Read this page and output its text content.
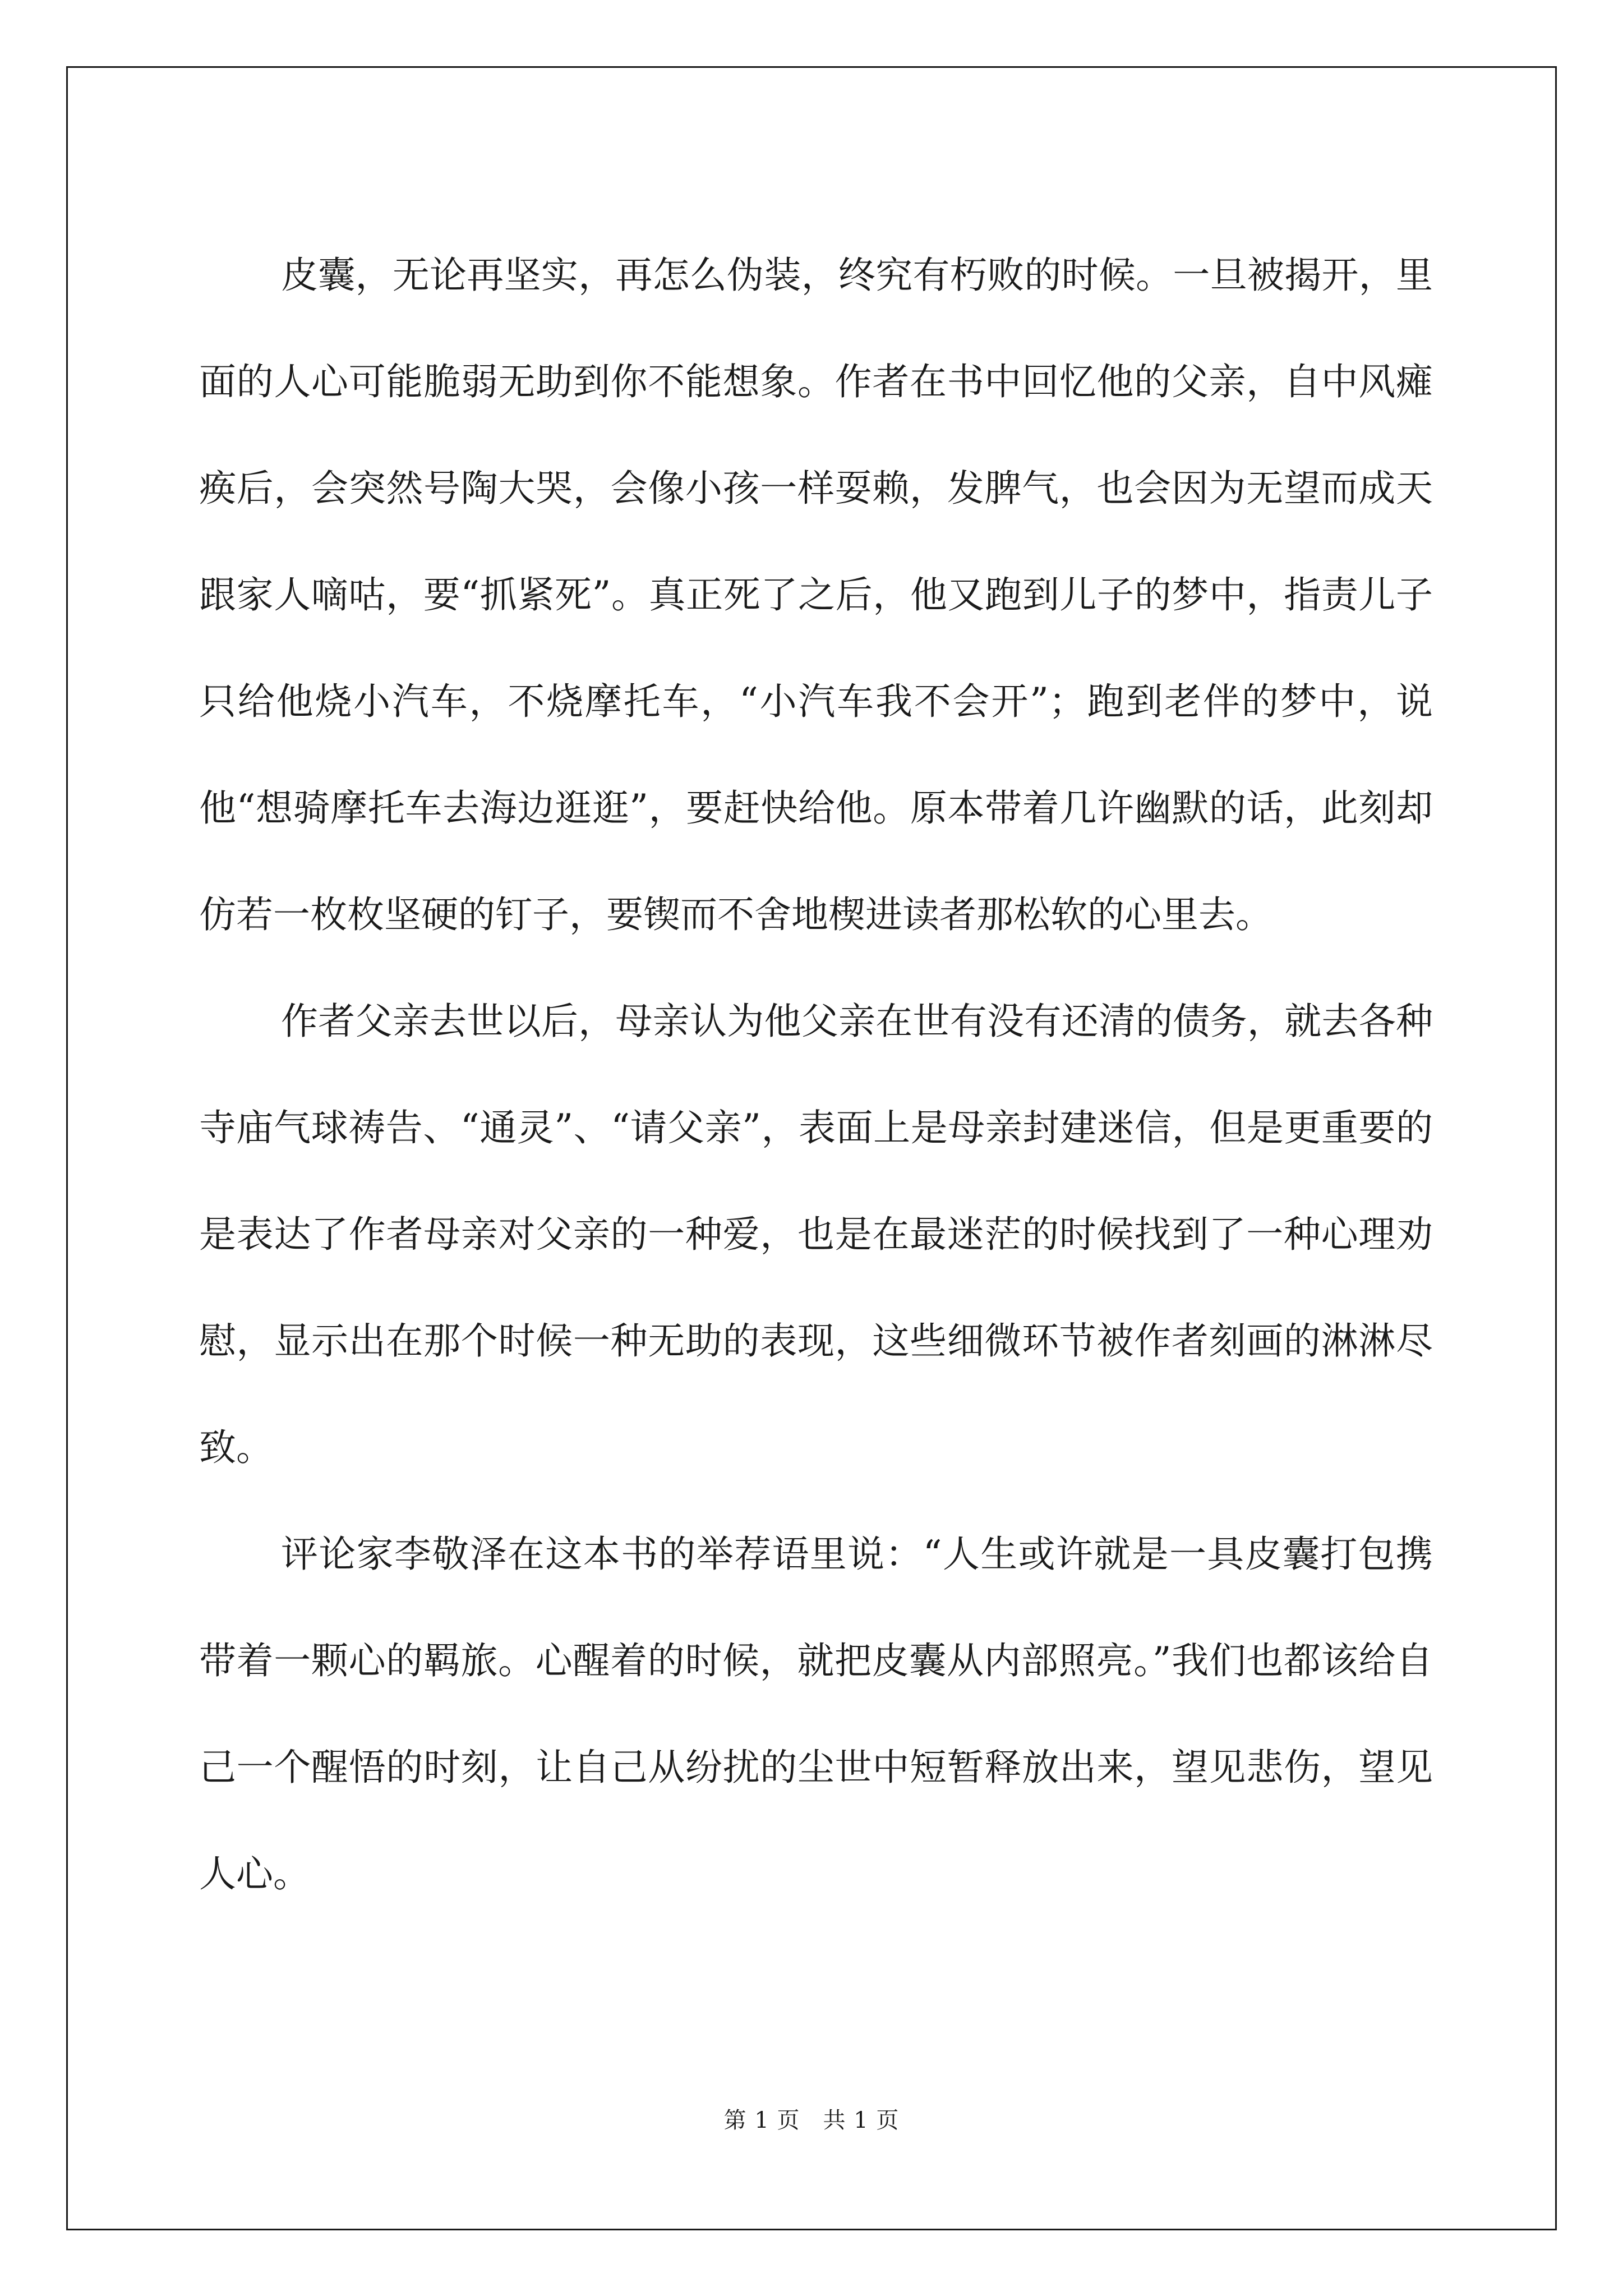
皮囊，无论再坚实，再怎么伪装，终究有朽败的时候。一旦被揭开，里面的人心可能脆弱无助到你不能想象。作者在书中回忆他的父亲，自中风瘫痪后，会突然号陶大哭，会像小孩一样耍赖，发脾气，也会因为无望而成天跟家人嘀咕，要“抓紧死”。真正死了之后，他又跑到儿子的梦中，指责儿子只给他烧小汽车，不烧摩托车，“小汽车我不会开”；跑到老伴的梦中，说他“想骑摩托车去海边逛逛”，要赶快给他。原本带着几许幽默的话，此刻却仿若一枚枚坚硬的钉子，要锲而不舍地楔进读者那松软的心里去。

作者父亲去世以后，母亲认为他父亲在世有没有还清的债务，就去各种寺庙气球祷告、“通灵”、“请父亲”，表面上是母亲封建迷信，但是更重要的是表达了作者母亲对父亲的一种爱，也是在最迷茫的时候找到了一种心理劝慰，显示出在那个时候一种无助的表现，这些细微环节被作者刻画的淋淋尽致。

评论家李敬泽在这本书的举荐语里说：“人生或许就是一具皮囊打包携带着一颗心的羁旅。心醒着的时候，就把皮囊从内部照亮。”我们也都该给自己一个醒悟的时刻，让自己从纷扰的尘世中短暂释放出来，望见悲伤，望见人心。

第 1 页　共 1 页
